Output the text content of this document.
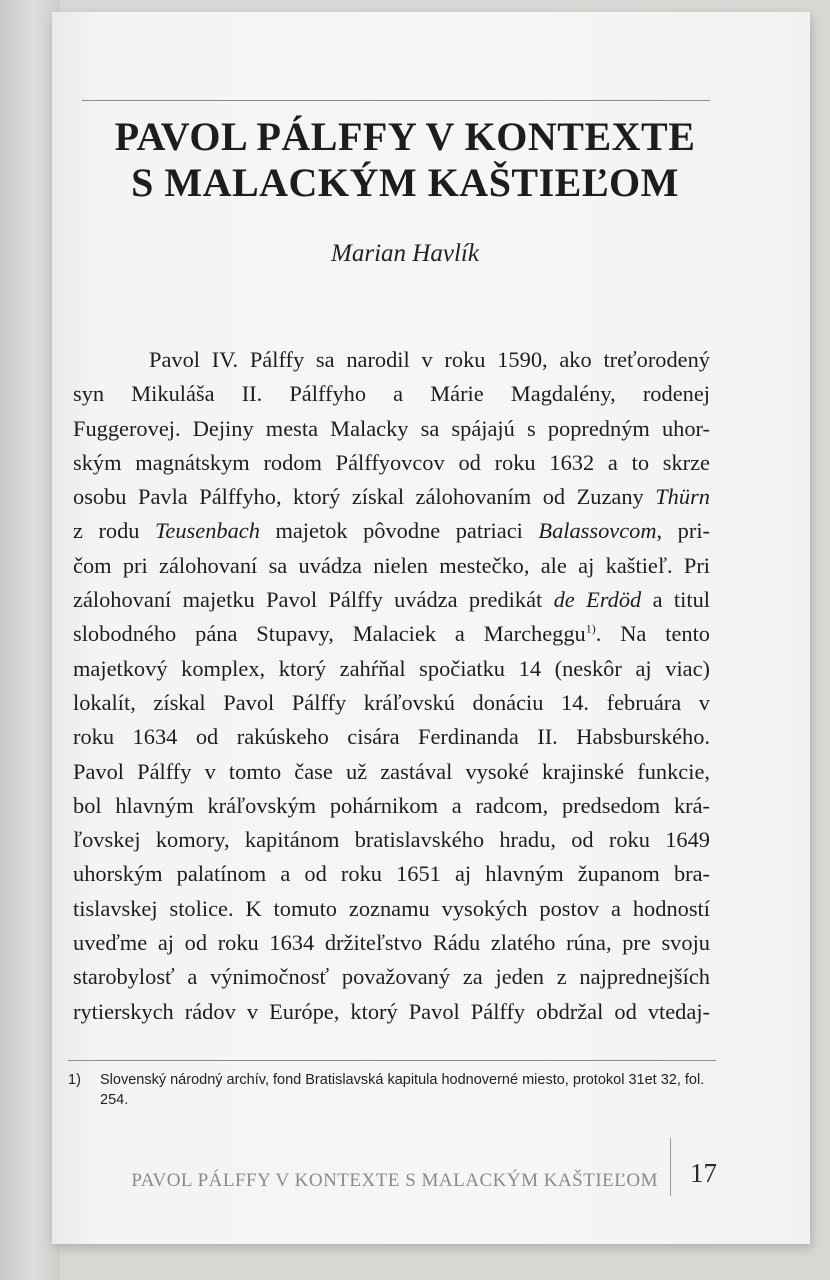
PAVOL PÁLFFY V KONTEXTE
S MALACKÝM KAŠTIEĽOM
Marian Havlík
Pavol IV. Pálffy sa narodil v roku 1590, ako treťorodený
syn Mikuláša II. Pálffyho a Márie Magdalény, rodenej
Fuggerovej. Dejiny mesta Malacky sa spájajú s popredným uhor-
ským magnátskym rodom Pálffyovcov od roku 1632 a to skrze
osobu Pavla Pálffyho, ktorý získal zálohovaním od Zuzany Thürn
z rodu Teusenbach majetok pôvodne patriaci Balassovcom, pri-
čom pri zálohovaní sa uvádza nielen mestečko, ale aj kaštieľ. Pri
zálohovaní majetku Pavol Pálffy uvádza predikát de Erdöd a titul
slobodného pána Stupavy, Malaciek a Marcheggu$^{1)}$. Na tento
majetkový komplex, ktorý zahŕňal spočiatku 14 (neskôr aj viac)
lokalít, získal Pavol Pálffy kráľovskú donáciu 14. februára v
roku 1634 od rakúskeho cisára Ferdinanda II. Habsburského.
Pavol Pálffy v tomto čase už zastával vysoké krajinské funkcie,
bol hlavným kráľovským pohárnikom a radcom, predsedom krá-
ľovskej komory, kapitánom bratislavského hradu, od roku 1649
uhorským palatínom a od roku 1651 aj hlavným županom bra-
tislavskej stolice. K tomuto zoznamu vysokých postov a hodností
uveďme aj od roku 1634 držiteľstvo Rádu zlatého rúna, pre svoju
starobylosť a výnimočnosť považovaný za jeden z najprednejších
rytierskych rádov v Európe, ktorý Pavol Pálffy obdržal od vtedaj-
1) Slovenský národný archív, fond Bratislavská kapitula hodnoverné miesto, protokol 31et 32, fol. 254.
PAVOL PÁLFFY V KONTEXTE S MALACKÝM KAŠTIEĽOM 17
